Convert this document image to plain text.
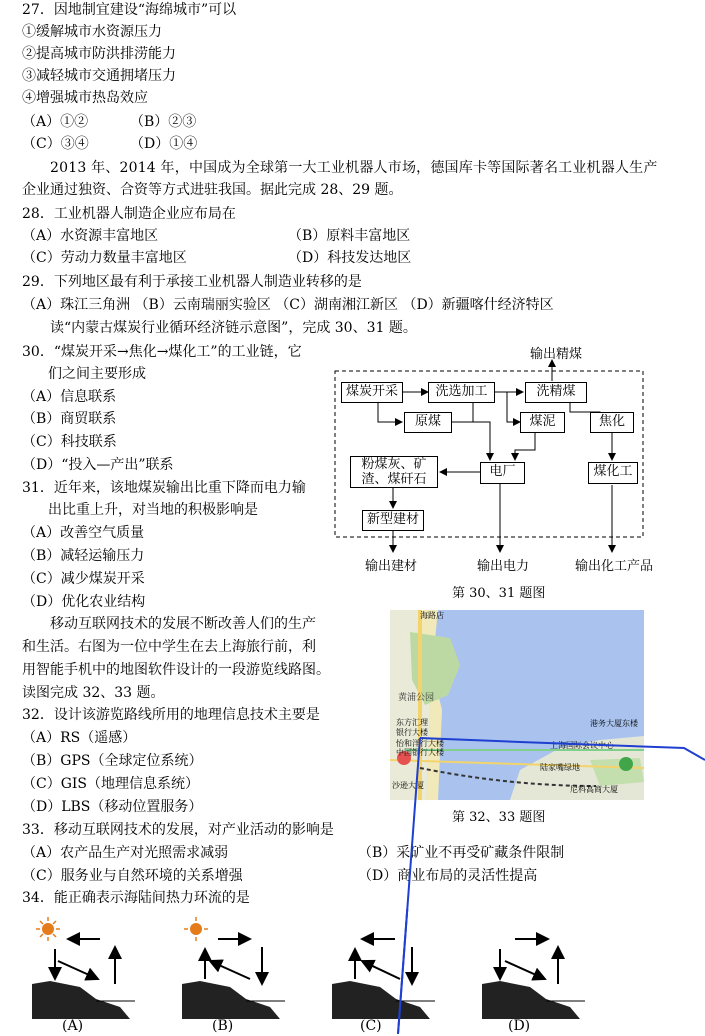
27．因地制宜建设“海绵城市”可以
①缓解城市水资源压力
②提高城市防洪排涝能力
③减轻城市交通拥堵压力
④增强城市热岛效应
（A）①②	（B）②③
（C）③④	（D）①④
2013 年、2014 年，中国成为全球第一大工业机器人市场，德国库卡等国际著名工业机器人生产
企业通过独资、合资等方式进驻我国。据此完成 28、29 题。
28．工业机器人制造企业应布局在
（A）水资源丰富地区	（B）原料丰富地区
（C）劳动力数量丰富地区	（D）科技发达地区
29．下列地区最有利于承接工业机器人制造业转移的是
（A）珠江三角洲 （B）云南瑞丽实验区 （C）湖南湘江新区 （D）新疆喀什经济特区
读“内蒙古煤炭行业循环经济链示意图”，完成 30、31 题。
30．“煤炭开采→焦化→煤化工”的工业链，它
们之间主要形成
（A）信息联系
（B）商贸联系
（C）科技联系
（D）“投入—产出”联系
31．近年来，该地煤炭输出比重下降而电力输
出比重上升，对当地的积极影响是
（A）改善空气质量
（B）减轻运输压力
（C）减少煤炭开采
（D）优化农业结构
输出精煤
煤炭开采	洗选加工	洗精煤
原煤	煤泥	焦化
电厂
粉煤灰、矿渣、煤矸石
煤化工
新型建材
输出建材	输出电力	输出化工产品
第 30、31 题图
移动互联网技术的发展不断改善人们的生产
和生活。右图为一位中学生在去上海旅行前，利
用智能手机中的地图软件设计的一段游览线路图。
读图完成 32、33 题。
海路店
黄浦公园
东方汇理
银行大楼
怡和洋行大楼
中国银行大楼
沙逊大厦
上海国际会议中心
陆家嘴绿地
港务大厦东楼
尼科高商大厦
第 32、33 题图
32．设计该游览路线所用的地理信息技术主要是
（A）RS（遥感）
（B）GPS（全球定位系统）
（C）GIS（地理信息系统）
（D）LBS（移动位置服务）
33．移动互联网技术的发展，对产业活动的影响是
（A）农产品生产对光照需求减弱	（B）采矿业不再受矿藏条件限制
（C）服务业与自然环境的关系增强	（D）商业布局的灵活性提高
34．能正确表示海陆间热力环流的是
(A)	(B)	(C)	(D)
